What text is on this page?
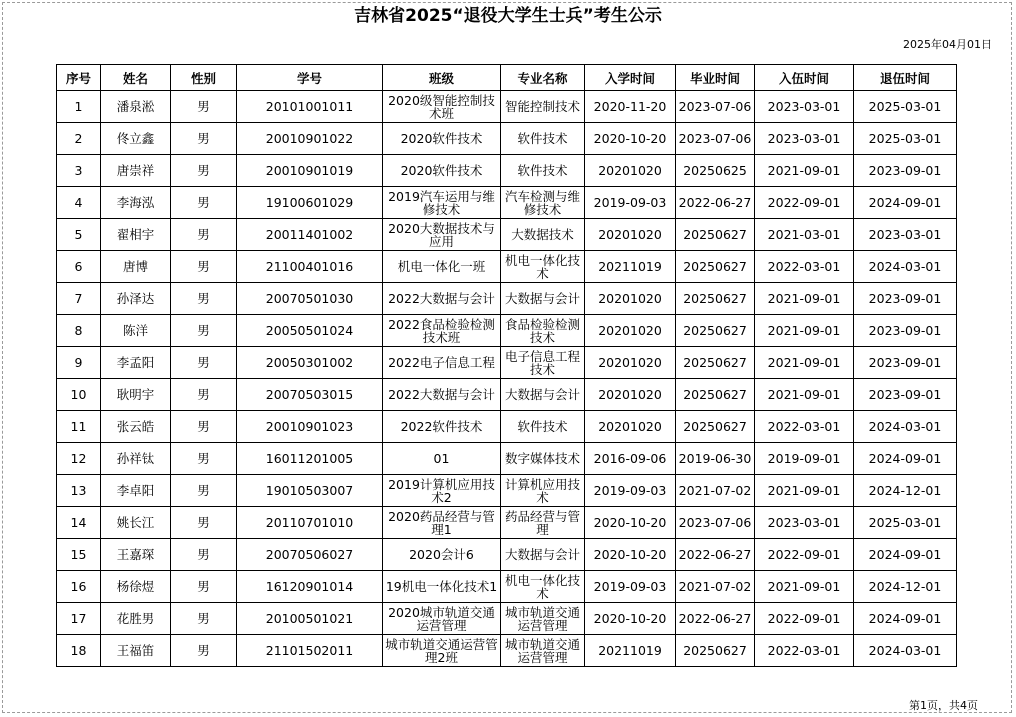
吉林省2025“退役大学生士兵”考生公示
2025年04月01日
序号	姓名	性别	学号	班级	专业名称	入学时间	毕业时间	入伍时间	退伍时间
1	潘泉淞	男	20101001011	2020级智能控制技术班	智能控制技术	2020-11-20	2023-07-06	2023-03-01	2025-03-01
2	佟立鑫	男	20010901022	2020软件技术	软件技术	2020-10-20	2023-07-06	2023-03-01	2025-03-01
3	唐崇祥	男	20010901019	2020软件技术	软件技术	20201020	20250625	2021-09-01	2023-09-01
4	李海泓	男	19100601029	2019汽车运用与维修技术	汽车检测与维修技术	2019-09-03	2022-06-27	2022-09-01	2024-09-01
5	翟相宇	男	20011401002	2020大数据技术与应用	大数据技术	20201020	20250627	2021-03-01	2023-03-01
6	唐博	男	21100401016	机电一体化一班	机电一体化技术	20211019	20250627	2022-03-01	2024-03-01
7	孙泽达	男	20070501030	2022大数据与会计	大数据与会计	20201020	20250627	2021-09-01	2023-09-01
8	陈洋	男	20050501024	2022食品检验检测技术班	食品检验检测技术	20201020	20250627	2021-09-01	2023-09-01
9	李孟阳	男	20050301002	2022电子信息工程	电子信息工程技术	20201020	20250627	2021-09-01	2023-09-01
10	耿明宇	男	20070503015	2022大数据与会计	大数据与会计	20201020	20250627	2021-09-01	2023-09-01
11	张云皓	男	20010901023	2022软件技术	软件技术	20201020	20250627	2022-03-01	2024-03-01
12	孙祥钛	男	16011201005	01	数字媒体技术	2016-09-06	2019-06-30	2019-09-01	2024-09-01
13	李卓阳	男	19010503007	2019计算机应用技术2	计算机应用技术	2019-09-03	2021-07-02	2021-09-01	2024-12-01
14	姚长江	男	20110701010	2020药品经营与管理1	药品经营与管理	2020-10-20	2023-07-06	2023-03-01	2025-03-01
15	王嘉琛	男	20070506027	2020会计6	大数据与会计	2020-10-20	2022-06-27	2022-09-01	2024-09-01
16	杨徐煜	男	16120901014	19机电一体化技术1	机电一体化技术	2019-09-03	2021-07-02	2021-09-01	2024-12-01
17	花胜男	男	20100501021	2020城市轨道交通运营管理	城市轨道交通运营管理	2020-10-20	2022-06-27	2022-09-01	2024-09-01
18	王福笛	男	21101502011	城市轨道交通运营管理2班	城市轨道交通运营管理	20211019	20250627	2022-03-01	2024-03-01
第1页，共4页
